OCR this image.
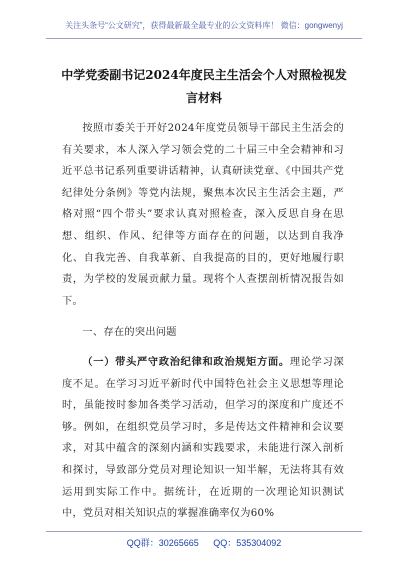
关注头条号“公文研究”，获得最新最全最专业的公文资料库！ 微信：gongwenyj
中学党委副书记2024年度民主生活会个人对照检视发言材料

按照市委关于开好2024年度党员领导干部民主生活会的有关要求，本人深入学习领会党的二十届三中全会精神和习近平总书记系列重要讲话精神，认真研读党章、《中国共产党纪律处分条例》等党内法规，聚焦本次民主生活会主题，严格对照“四个带头”要求认真对照检查，深入反思自身在思想、组织、作风、纪律等方面存在的问题，以达到自我净化、自我完善、自我革新、自我提高的目的，更好地履行职责，为学校的发展贡献力量。现将个人查摆剖析情况报告如下。

一、存在的突出问题

（一）带头严守政治纪律和政治规矩方面。理论学习深度不足。在学习习近平新时代中国特色社会主义思想等理论时，虽能按时参加各类学习活动，但学习的深度和广度还不够。例如，在组织党员学习时，多是传达文件精神和会议要求，对其中蕴含的深刻内涵和实践要求，未能进行深入剖析和探讨，导致部分党员对理论知识一知半解，无法将其有效运用到实际工作中。据统计，在近期的一次理论知识测试中，党员对相关知识点的掌握准确率仅为60%

QQ群：30265665 QQ：535304092
